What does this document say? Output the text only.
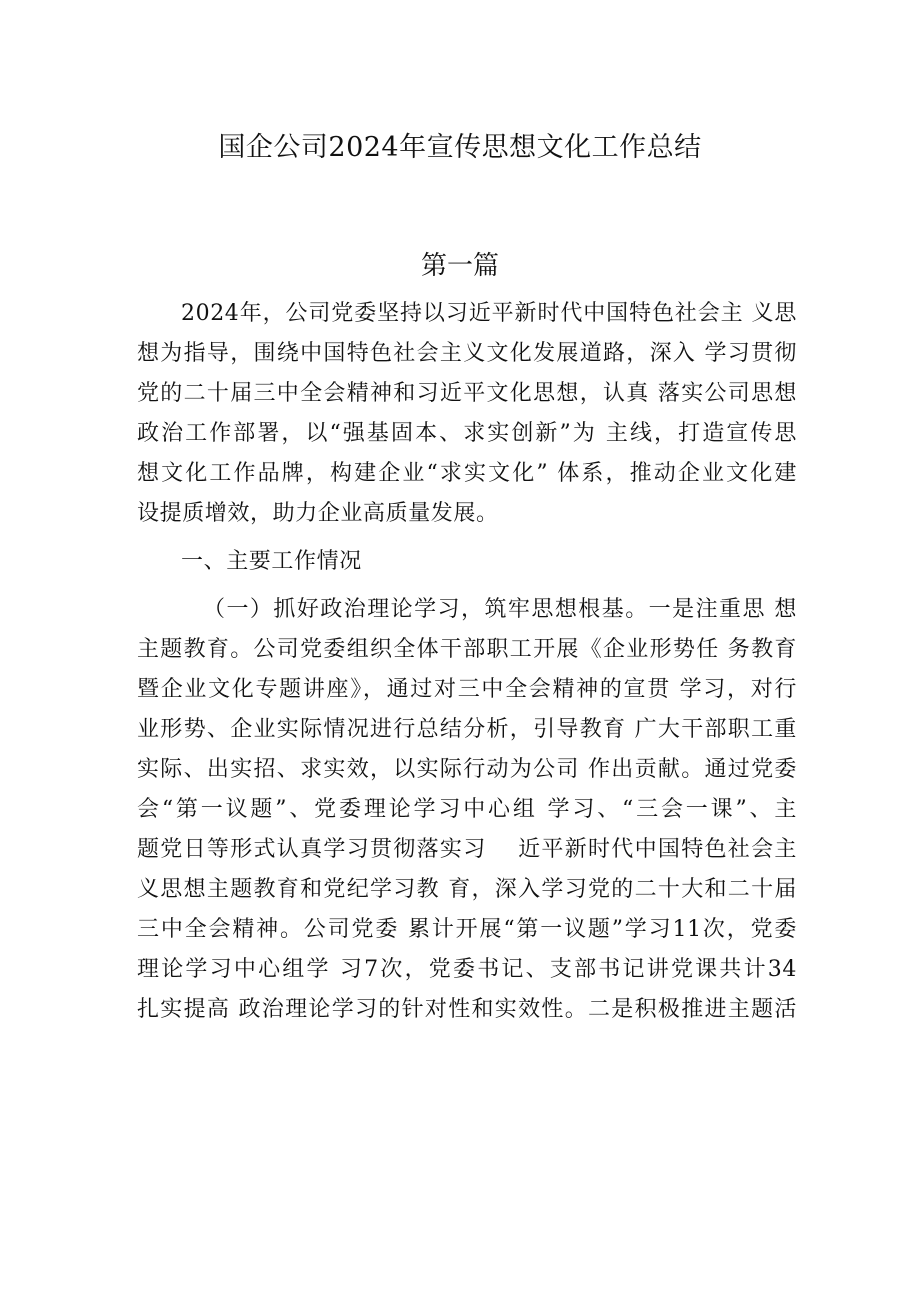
国企公司2024年宣传思想文化工作总结
第一篇
2024年，公司党委坚持以习近平新时代中国特色社会主 义思
想为指导，围绕中国特色社会主义文化发展道路，深入 学习贯彻
党的二十届三中全会精神和习近平文化思想，认真 落实公司思想
政治工作部署，以“强基固本、求实创新”为 主线，打造宣传思
想文化工作品牌，构建企业“求实文化” 体系，推动企业文化建
设提质增效，助力企业高质量发展。
一、主要工作情况
（一）抓好政治理论学习，筑牢思想根基。一是注重思 想
主题教育。公司党委组织全体干部职工开展《企业形势任 务教育
暨企业文化专题讲座》，通过对三中全会精神的宣贯 学习，对行
业形势、企业实际情况进行总结分析，引导教育 广大干部职工重
实际、出实招、求实效，以实际行动为公司 作出贡献。通过党委
会“第一议题”、党委理论学习中心组 学习、“三会一课”、主
题党日等形式认真学习贯彻落实习　 近平新时代中国特色社会主
义思想主题教育和党纪学习教 育，深入学习党的二十大和二十届
三中全会精神。公司党委 累计开展“第一议题”学习11次，党委
理论学习中心组学 习7次，党委书记、支部书记讲党课共计34
扎实提高 政治理论学习的针对性和实效性。二是积极推进主题活
